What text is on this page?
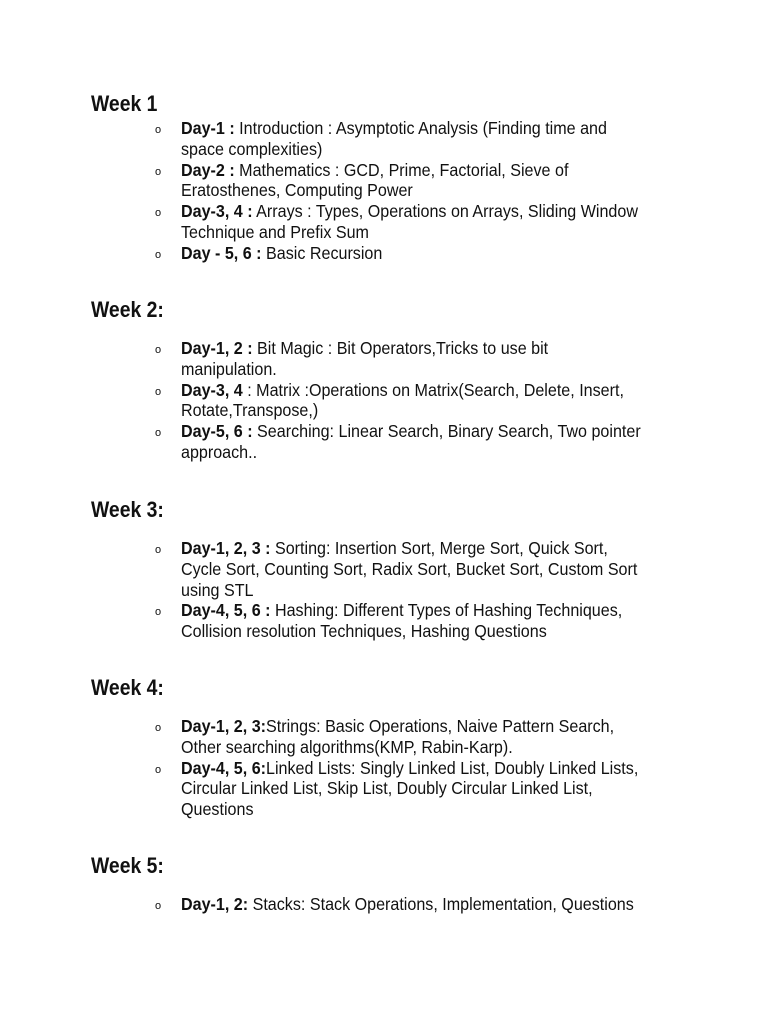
Week 1
o Day-1 : Introduction : Asymptotic Analysis (Finding time and space complexities)
o Day-2 : Mathematics : GCD, Prime, Factorial, Sieve of Eratosthenes, Computing Power
o Day-3, 4 : Arrays : Types, Operations on Arrays, Sliding Window Technique and Prefix Sum
o Day - 5, 6 : Basic Recursion
Week 2:
o Day-1, 2 : Bit Magic : Bit Operators,Tricks to use bit manipulation.
o Day-3, 4 : Matrix :Operations on Matrix(Search, Delete, Insert, Rotate,Transpose,)
o Day-5, 6 : Searching: Linear Search, Binary Search, Two pointer approach..
Week 3:
o Day-1, 2, 3 : Sorting: Insertion Sort, Merge Sort, Quick Sort, Cycle Sort, Counting Sort, Radix Sort, Bucket Sort, Custom Sort using STL
o Day-4, 5, 6 : Hashing: Different Types of Hashing Techniques, Collision resolution Techniques, Hashing Questions
Week 4:
o Day-1, 2, 3:Strings: Basic Operations, Naive Pattern Search, Other searching algorithms(KMP, Rabin-Karp).
o Day-4, 5, 6:Linked Lists: Singly Linked List, Doubly Linked Lists, Circular Linked List, Skip List, Doubly Circular Linked List, Questions
Week 5:
o Day-1, 2: Stacks: Stack Operations, Implementation, Questions
